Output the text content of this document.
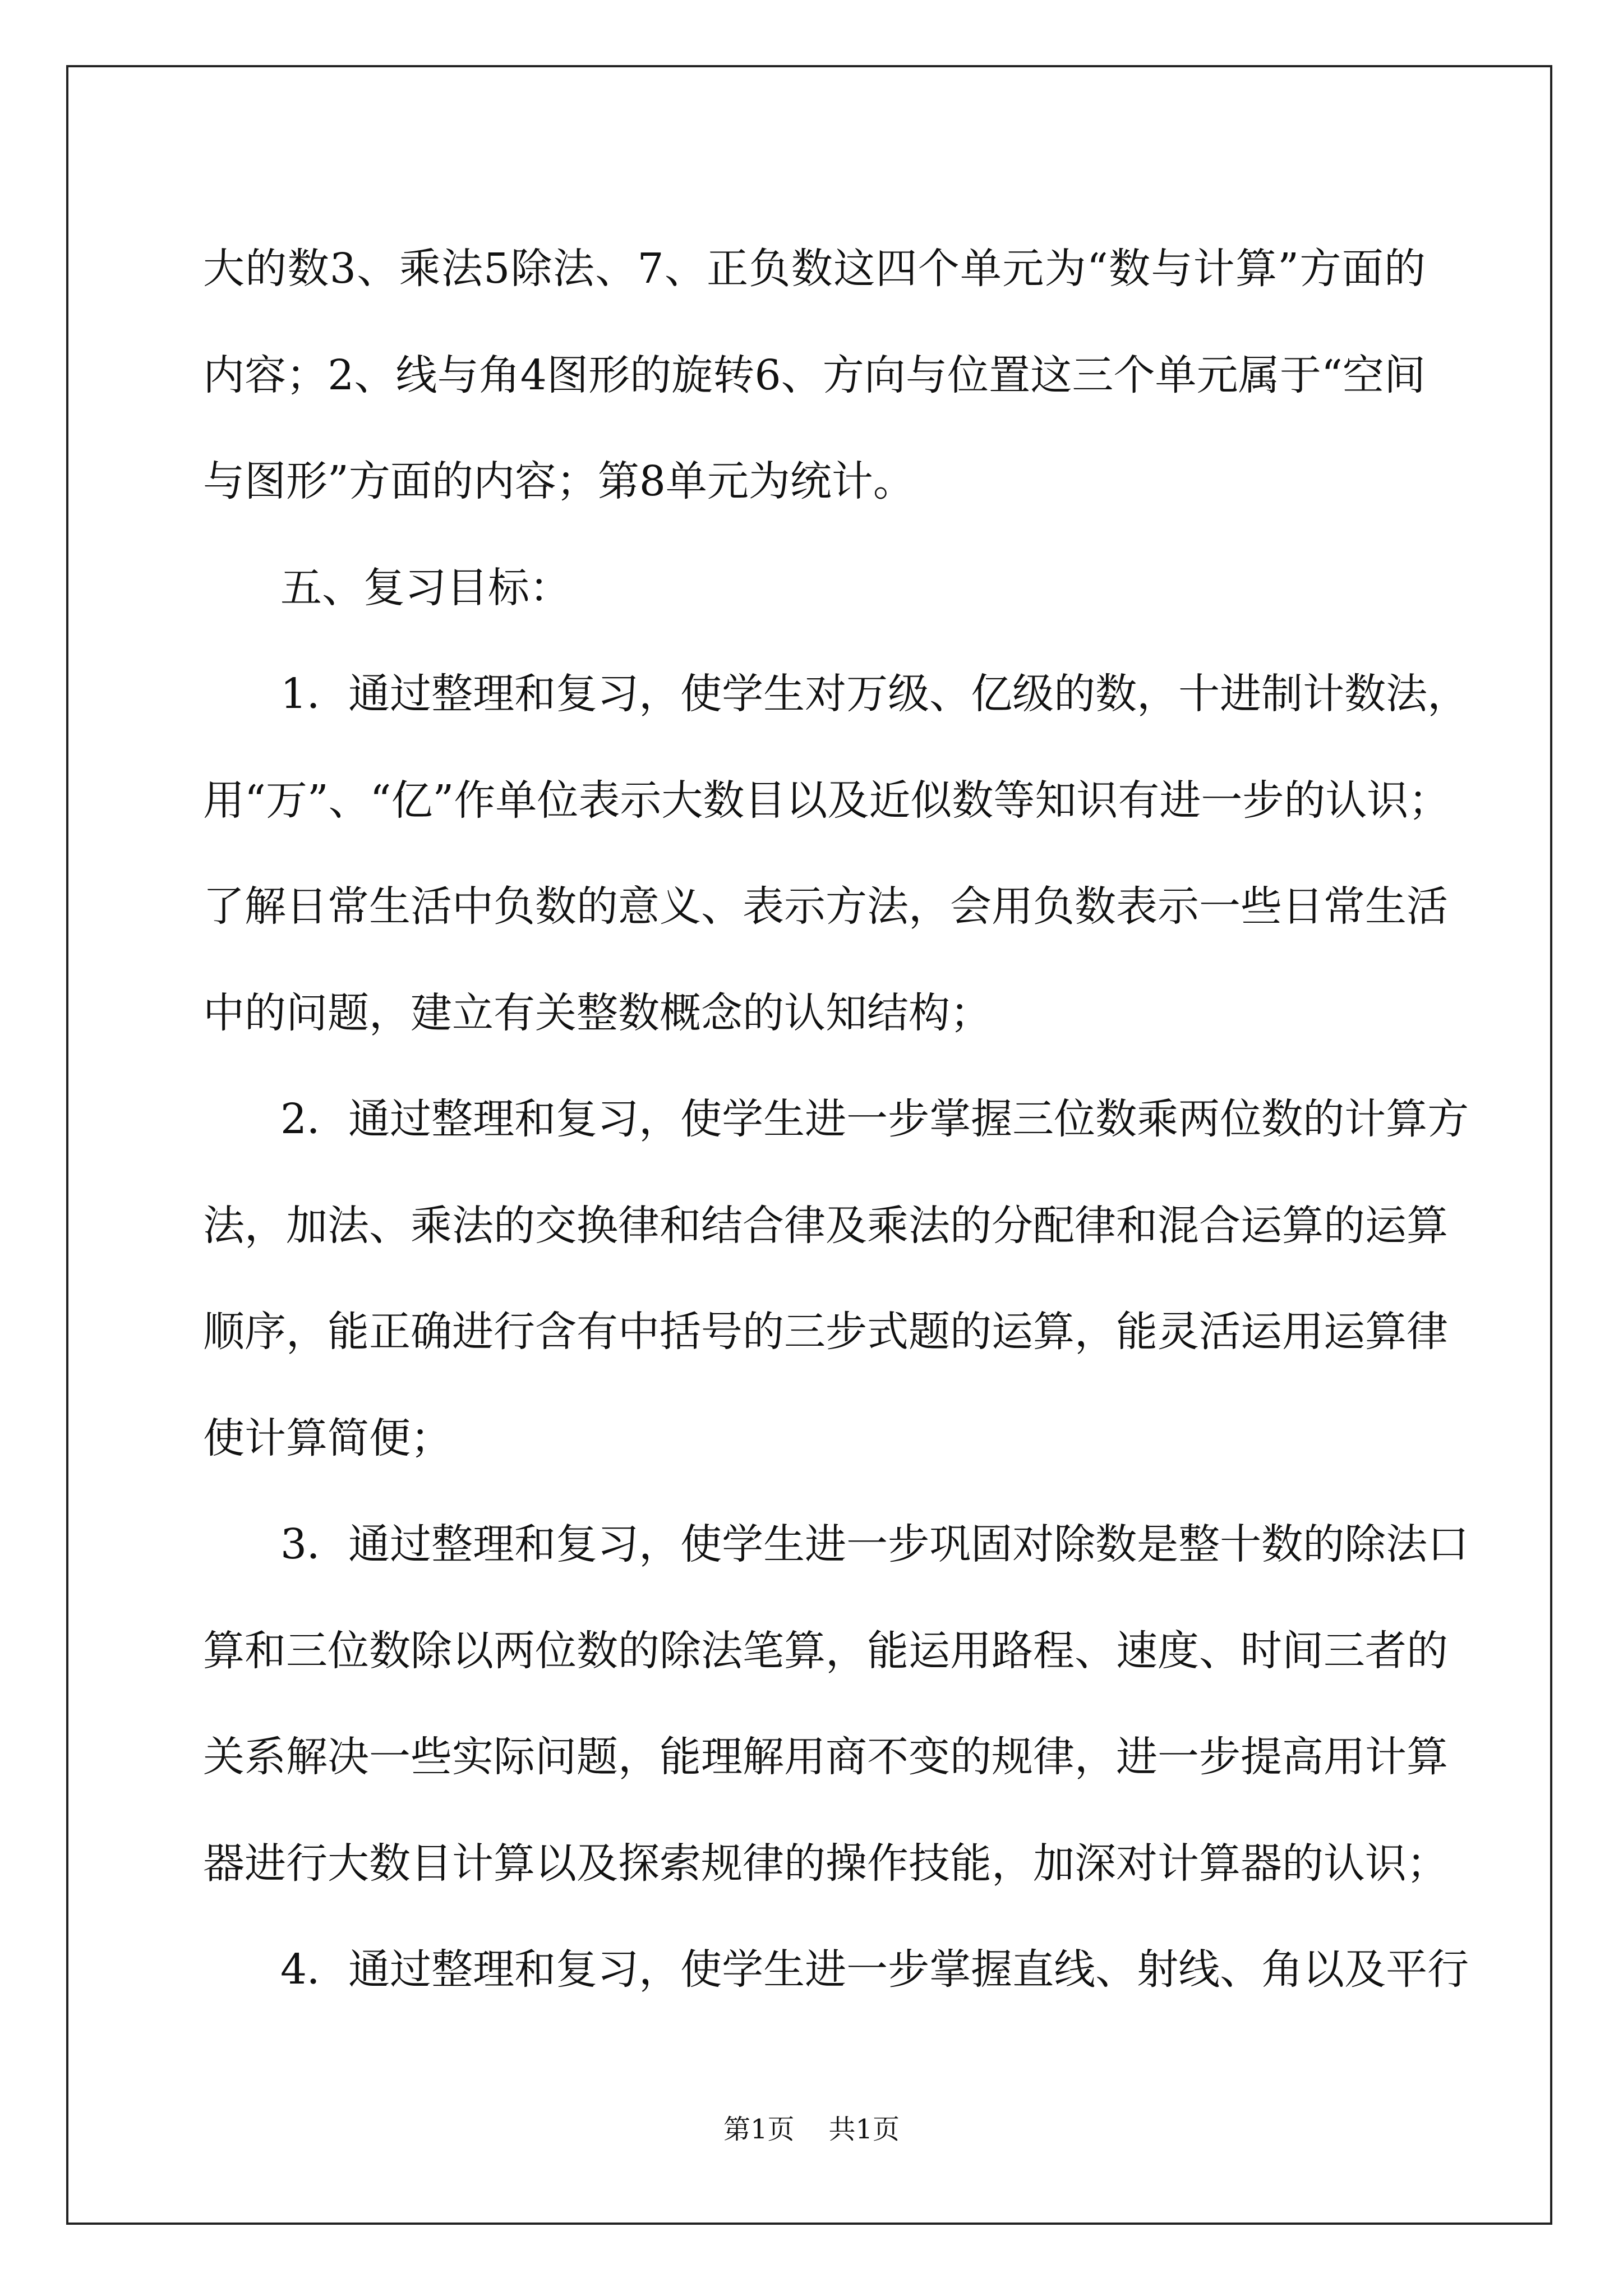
大的数3、乘法5除法、7、正负数这四个单元为“数与计算”方面的
内容；2、线与角4图形的旋转6、方向与位置这三个单元属于“空间
与图形”方面的内容；第8单元为统计。
五、复习目标：
1．通过整理和复习，使学生对万级、亿级的数，十进制计数法，
用“万”、“亿”作单位表示大数目以及近似数等知识有进一步的认识；
了解日常生活中负数的意义、表示方法，会用负数表示一些日常生活
中的问题，建立有关整数概念的认知结构；
2．通过整理和复习，使学生进一步掌握三位数乘两位数的计算方
法，加法、乘法的交换律和结合律及乘法的分配律和混合运算的运算
顺序，能正确进行含有中括号的三步式题的运算，能灵活运用运算律
使计算简便；
3．通过整理和复习，使学生进一步巩固对除数是整十数的除法口
算和三位数除以两位数的除法笔算，能运用路程、速度、时间三者的
关系解决一些实际问题，能理解用商不变的规律，进一步提高用计算
器进行大数目计算以及探索规律的操作技能，加深对计算器的认识；
4．通过整理和复习，使学生进一步掌握直线、射线、角以及平行
第1页 共1页
